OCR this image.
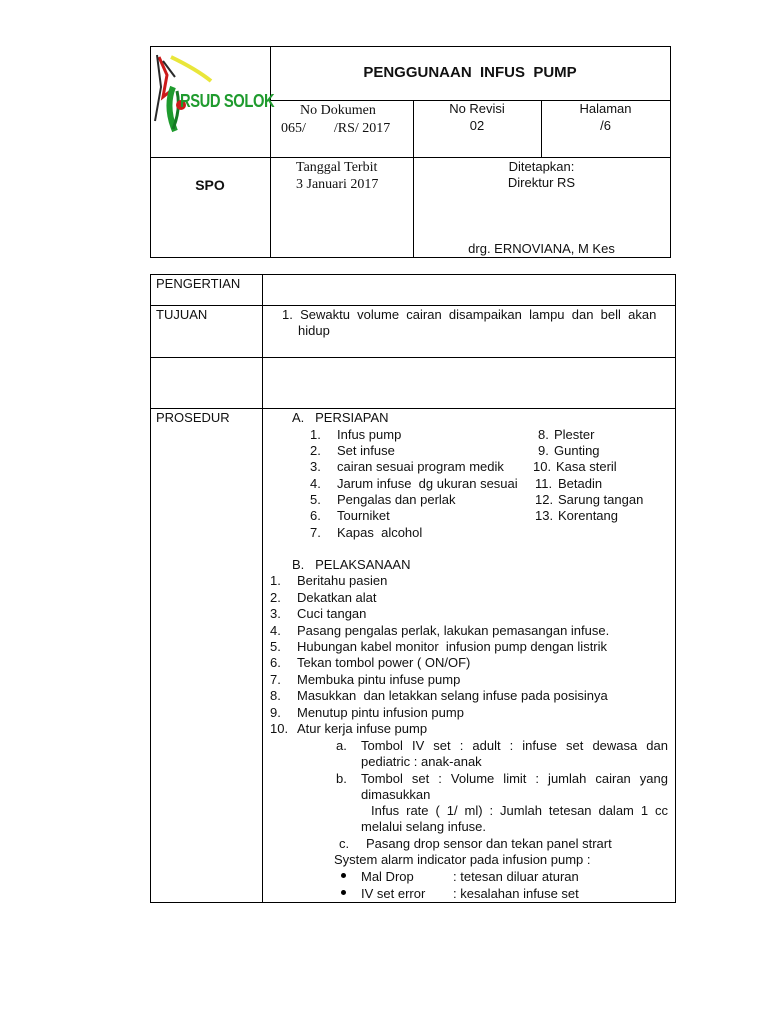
RSUD SOLOK
PENGGUNAAN  INFUS  PUMP
No Dokumen
065/        /RS/ 2017
No Revisi
02
Halaman
/6
SPO
Tanggal Terbit
3 Januari 2017
Ditetapkan:
Direktur RS
drg. ERNOVIANA, M Kes
PENGERTIAN
TUJUAN
PROSEDUR
1.  Sewaktu  volume  cairan  disampaikan  lampu  dan  bell  akan
hidup
A.   PERSIAPAN
1. Infus pump
2. Set infuse
3. cairan sesuai program medik
4. Jarum infuse  dg ukuran sesuai
5. Pengalas dan perlak
6. Tourniket
7. Kapas  alcohol
8. Plester
9. Gunting
10. Kasa steril
11. Betadin
12. Sarung tangan
13. Korentang
B.   PELAKSANAAN
1. Beritahu pasien
2. Dekatkan alat
3. Cuci tangan
4. Pasang pengalas perlak, lakukan pemasangan infuse.
5. Hubungan kabel monitor  infusion pump dengan listrik
6. Tekan tombol power ( ON/OF)
7. Membuka pintu infuse pump
8. Masukkan  dan letakkan selang infuse pada posisinya
9. Menutup pintu infusion pump
10. Atur kerja infuse pump
a. Tombol IV set : adult : infuse set dewasa dan
pediatric : anak-anak
b. Tombol set : Volume limit : jumlah cairan yang
dimasukkan
Infus rate ( 1/ ml) : Jumlah tetesan dalam 1 cc
melalui selang infuse.
c. Pasang drop sensor dan tekan panel strart
System alarm indicator pada infusion pump :
Mal Drop	: tetesan diluar aturan
IV set error : kesalahan infuse set
